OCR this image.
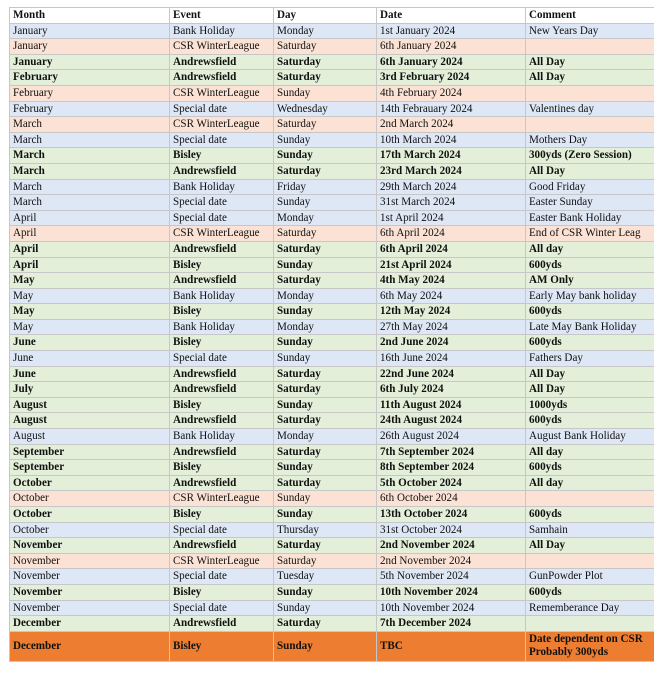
Month	Event	Day	Date	Comment
January	Bank Holiday	Monday	1st January 2024	New Years Day
January	CSR WinterLeague	Saturday	6th January 2024	
January	Andrewsfield	Saturday	6th January 2024	All Day
February	Andrewsfield	Saturday	3rd February 2024	All Day
February	CSR WinterLeague	Sunday	4th February 2024	
February	Special date	Wednesday	14th Febrauary 2024	Valentines day
March	CSR WinterLeague	Saturday	2nd March 2024	
March	Special date	Sunday	10th March 2024	Mothers Day
March	Bisley	Sunday	17th March 2024	300yds (Zero Session)
March	Andrewsfield	Saturday	23rd March 2024	All Day
March	Bank Holiday	Friday	29th March 2024	Good Friday
March	Special date	Sunday	31st March 2024	Easter Sunday
April	Special date	Monday	1st April 2024	Easter Bank Holiday
April	CSR WinterLeague	Saturday	6th April 2024	End of CSR Winter Leag
April	Andrewsfield	Saturday	6th April 2024	All day
April	Bisley	Sunday	21st April 2024	600yds
May	Andrewsfield	Saturday	4th May 2024	AM Only
May	Bank Holiday	Monday	6th May 2024	Early May bank holiday
May	Bisley	Sunday	12th May 2024	600yds
May	Bank Holiday	Monday	27th May 2024	Late May Bank Holiday
June	Bisley	Sunday	2nd June 2024	600yds
June	Special date	Sunday	16th June 2024	Fathers Day
June	Andrewsfield	Saturday	22nd June 2024	All Day
July	Andrewsfield	Saturday	6th July 2024	All Day
August	Bisley	Sunday	11th August 2024	1000yds
August	Andrewsfield	Saturday	24th August 2024	600yds
August	Bank Holiday	Monday	26th August 2024	August Bank Holiday
September	Andrewsfield	Saturday	7th September 2024	All day
September	Bisley	Sunday	8th September 2024	600yds
October	Andrewsfield	Saturday	5th October 2024	All day
October	CSR WinterLeague	Sunday	6th October 2024	
October	Bisley	Sunday	13th October 2024	600yds
October	Special date	Thursday	31st October 2024	Samhain
November	Andrewsfield	Saturday	2nd November 2024	All Day
November	CSR WinterLeague	Saturday	2nd November 2024	
November	Special date	Tuesday	5th November 2024	GunPowder Plot
November	Bisley	Sunday	10th November 2024	600yds
November	Special date	Sunday	10th November 2024	Rememberance Day
December	Andrewsfield	Saturday	7th December 2024	
December	Bisley	Sunday	TBC	Date dependent on CSR
Probably 300yds
